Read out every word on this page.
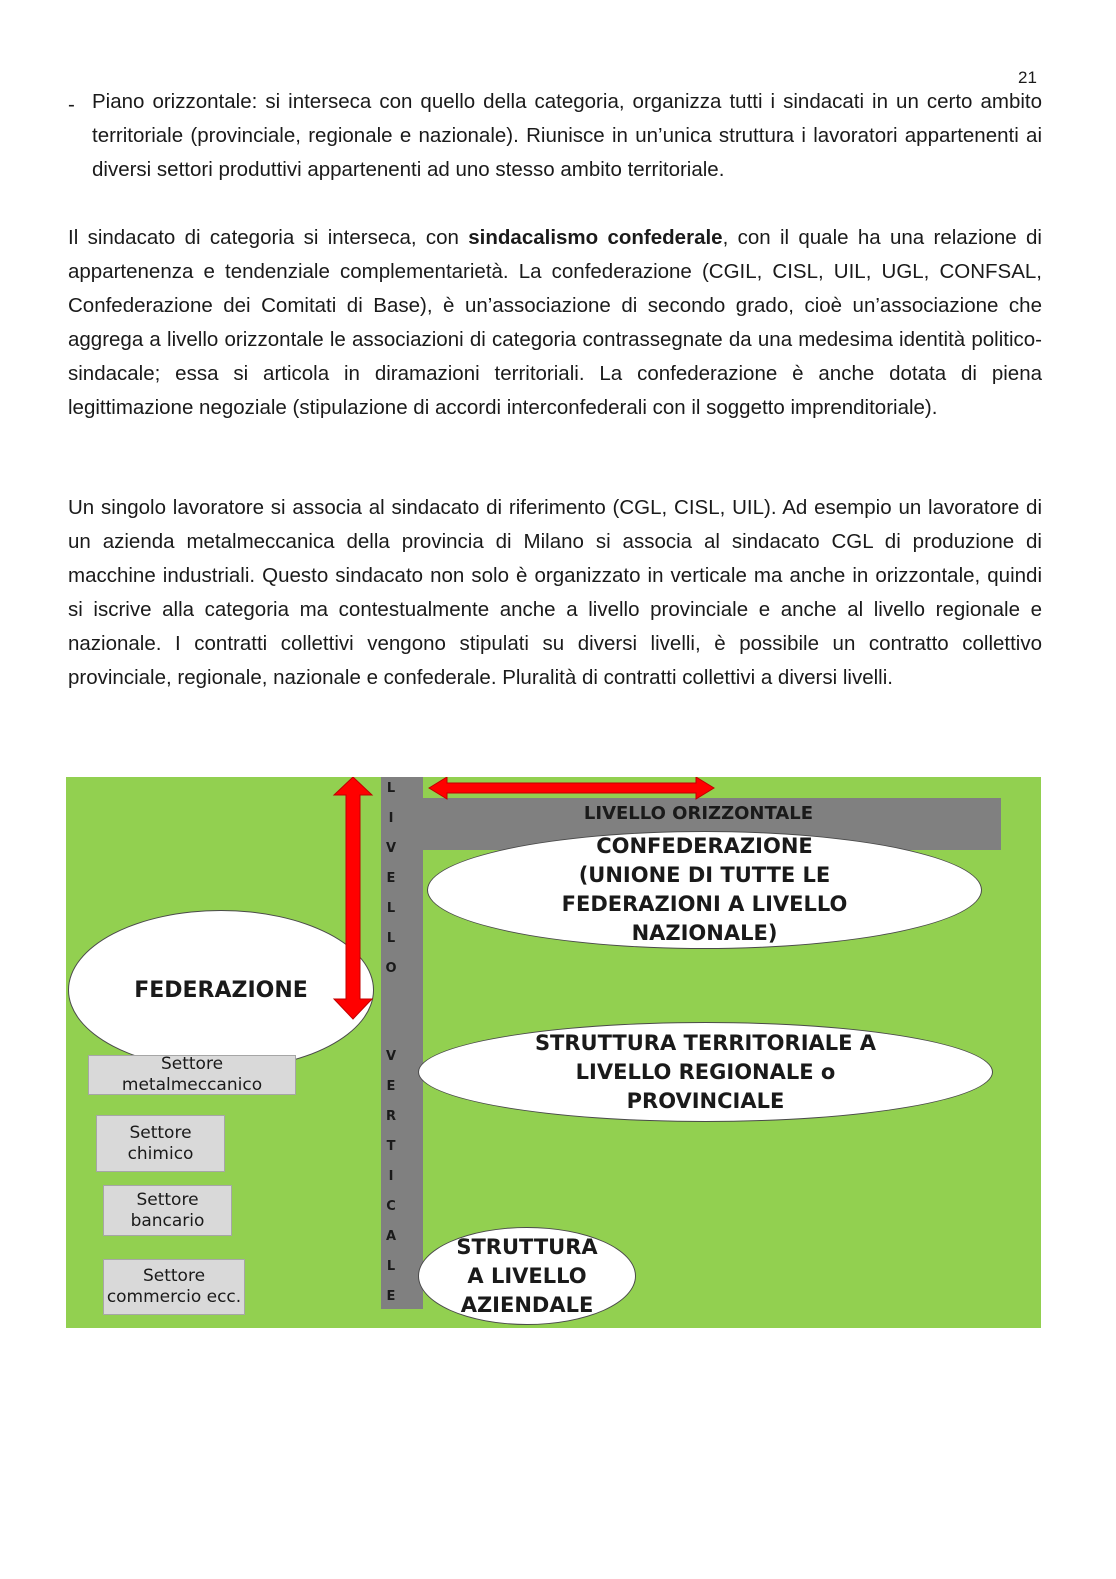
21
- Piano orizzontale: si interseca con quello della categoria, organizza tutti i sindacati in un certo ambito territoriale (provinciale, regionale e nazionale). Riunisce in un’unica struttura i lavoratori appartenenti ai diversi settori produttivi appartenenti ad uno stesso ambito territoriale.
Il sindacato di categoria si interseca, con sindacalismo confederale, con il quale ha una relazione di appartenenza e tendenziale complementarietà. La confederazione (CGIL, CISL, UIL, UGL, CONFSAL, Confederazione dei Comitati di Base), è un’associazione di secondo grado, cioè un’associazione che aggrega a livello orizzontale le associazioni di categoria contrassegnate da una medesima identità politico-sindacale; essa si articola in diramazioni territoriali. La confederazione è anche dotata di piena legittimazione negoziale (stipulazione di accordi interconfederali con il soggetto imprenditoriale).
Un singolo lavoratore si associa al sindacato di riferimento (CGL, CISL, UIL). Ad esempio un lavoratore di un azienda metalmeccanica della provincia di Milano si associa al sindacato CGL di produzione di macchine industriali. Questo sindacato non solo è organizzato in verticale ma anche in orizzontale, quindi si iscrive alla categoria ma contestualmente anche a livello provinciale e anche al livello regionale e nazionale. I contratti collettivi vengono stipulati su diversi livelli, è possibile un contratto collettivo provinciale, regionale, nazionale e confederale. Pluralità di contratti collettivi a diversi livelli.
LIVELLO ORIZZONTALE
L
I
V
E
L
L
O
V
E
R
T
I
C
A
L
E
FEDERAZIONE
CONFEDERAZIONE
(UNIONE DI TUTTE LE
FEDERAZIONI A LIVELLO
NAZIONALE)
STRUTTURA TERRITORIALE A
LIVELLO REGIONALE o
PROVINCIALE
STRUTTURA
A LIVELLO
AZIENDALE
Settore
metalmeccanico
Settore
chimico
Settore
bancario
Settore
commercio ecc.
